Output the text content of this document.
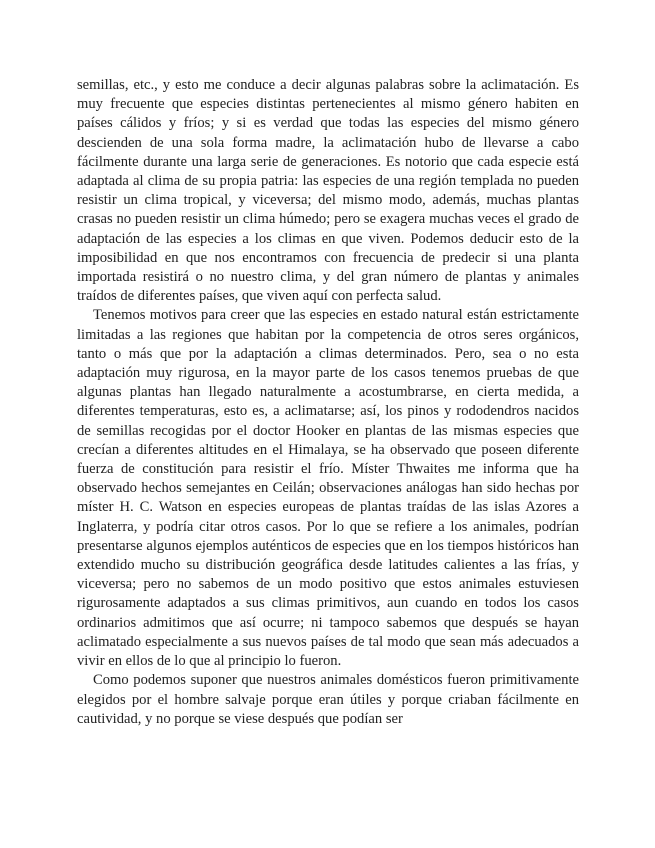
semillas, etc., y esto me conduce a decir algunas palabras sobre la aclimatación. Es muy frecuente que especies distintas pertenecientes al mismo género habiten en países cálidos y fríos; y si es verdad que todas las especies del mismo género descienden de una sola forma madre, la aclimatación hubo de llevarse a cabo fácilmente durante una larga serie de generaciones. Es notorio que cada especie está adaptada al clima de su propia patria: las especies de una región templada no pueden resistir un clima tropical, y viceversa; del mismo modo, además, muchas plantas crasas no pueden resistir un clima húmedo; pero se exagera muchas veces el grado de adaptación de las especies a los climas en que viven. Podemos deducir esto de la imposibilidad en que nos encontramos con frecuencia de predecir si una planta importada resistirá o no nuestro clima, y del gran número de plantas y animales traídos de diferentes países, que viven aquí con perfecta salud.

Tenemos motivos para creer que las especies en estado natural están estrictamente limitadas a las regiones que habitan por la competencia de otros seres orgánicos, tanto o más que por la adaptación a climas determinados. Pero, sea o no esta adaptación muy rigurosa, en la mayor parte de los casos tenemos pruebas de que algunas plantas han llegado naturalmente a acostumbrarse, en cierta medida, a diferentes temperaturas, esto es, a aclimatarse; así, los pinos y rododendros nacidos de semillas recogidas por el doctor Hooker en plantas de las mismas especies que crecían a diferentes altitudes en el Himalaya, se ha observado que poseen diferente fuerza de constitución para resistir el frío. Míster Thwaites me informa que ha observado hechos semejantes en Ceilán; observaciones análogas han sido hechas por míster H. C. Watson en especies europeas de plantas traídas de las islas Azores a Inglaterra, y podría citar otros casos. Por lo que se refiere a los animales, podrían presentarse algunos ejemplos auténticos de especies que en los tiempos históricos han extendido mucho su distribución geográfica desde latitudes calientes a las frías, y viceversa; pero no sabemos de un modo positivo que estos animales estuviesen rigurosamente adaptados a sus climas primitivos, aun cuando en todos los casos ordinarios admitimos que así ocurre; ni tampoco sabemos que después se hayan aclimatado especialmente a sus nuevos países de tal modo que sean más adecuados a vivir en ellos de lo que al principio lo fueron.

Como podemos suponer que nuestros animales domésticos fueron primitivamente elegidos por el hombre salvaje porque eran útiles y porque criaban fácilmente en cautividad, y no porque se viese después que podían ser
